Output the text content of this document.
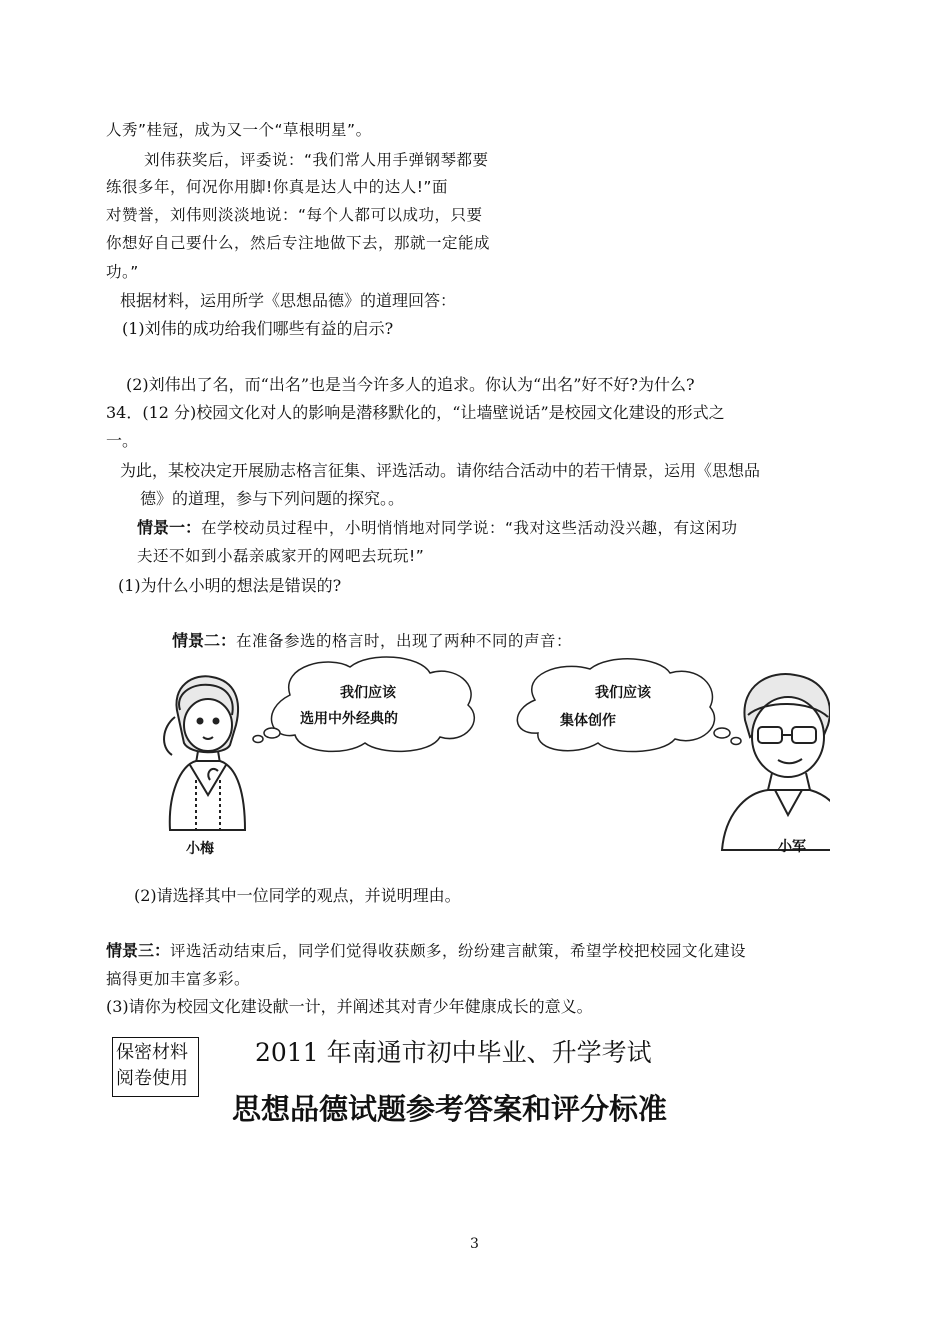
人秀”桂冠，成为又一个“草根明星”。
刘伟获奖后，评委说：“我们常人用手弹钢琴都要
练很多年，何况你用脚!你真是达人中的达人!”面
对赞誉，刘伟则淡淡地说：“每个人都可以成功，只要
你想好自己要什么，然后专注地做下去，那就一定能成
功。”
根据材料，运用所学《思想品德》的道理回答：
(1)刘伟的成功给我们哪些有益的启示?
(2)刘伟出了名，而“出名”也是当今许多人的追求。你认为“出名”好不好?为什么?
34．(12 分)校园文化对人的影响是潜移默化的，“让墙壁说话”是校园文化建设的形式之
一。
为此，某校决定开展励志格言征集、评选活动。请你结合活动中的若干情景，运用《思想品
德》的道理，参与下列问题的探究。。
情景一：在学校动员过程中，小明悄悄地对同学说：“我对这些活动没兴趣，有这闲功
夫还不如到小磊亲戚家开的网吧去玩玩!”
(1)为什么小明的想法是错误的?
情景二：在准备参选的格言时，出现了两种不同的声音：
我们应该
选用中外经典的
我们应该
集体创作
小梅	小军
(2)请选择其中一位同学的观点，并说明理由。
情景三：评选活动结束后，同学们觉得收获颇多，纷纷建言献策，希望学校把校园文化建设
搞得更加丰富多彩。
(3)请你为校园文化建设献一计，并阐述其对青少年健康成长的意义。
保密材料
阅卷使用
2011 年南通市初中毕业、升学考试
思想品德试题参考答案和评分标准
3
